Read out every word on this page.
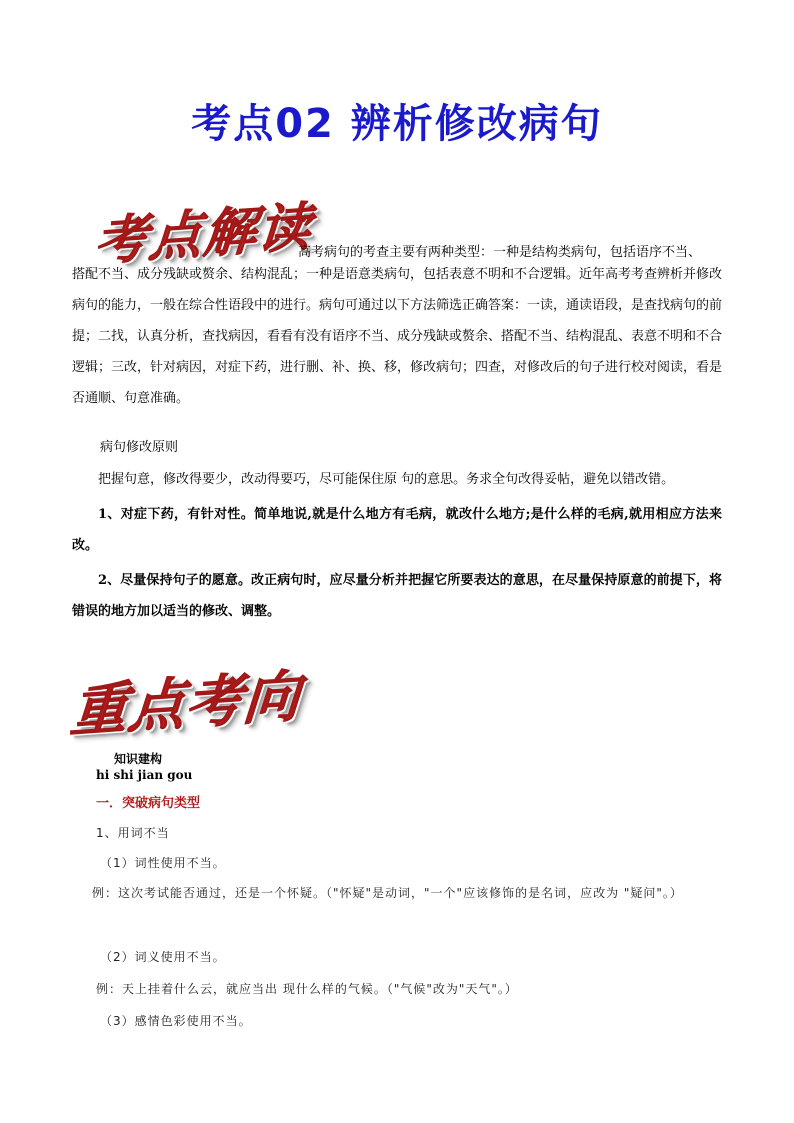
考点02 辨析修改病句
考点解读
高考病句的考查主要有两种类型：一种是结构类病句，包括语序不当、
搭配不当、成分残缺或赘余、结构混乱；一种是语意类病句，包括表意不明和不合逻辑。近年高考考查辨析并修改病句的能力，一般在综合性语段中的进行。病句可通过以下方法筛选正确答案：一读，通读语段，是查找病句的前提；二找，认真分析，查找病因，看看有没有语序不当、成分残缺或赘余、搭配不当、结构混乱、表意不明和不合逻辑；三改，针对病因，对症下药，进行删、补、换、移，修改病句；四查，对修改后的句子进行校对阅读，看是否通顺、句意准确。
病句修改原则
把握句意，修改得要少，改动得要巧，尽可能保住原 句的意思。务求全句改得妥帖，避免以错改错。
1、对症下药，有针对性。简单地说,就是什么地方有毛病，就改什么地方;是什么样的毛病,就用相应方法来改。
2、尽量保持句子的愿意。改正病句时，应尽量分析并把握它所要表达的意思，在尽量保持原意的前提下，将错误的地方加以适当的修改、调整。
重点考向
知识建构
hi shi jian gou
一．突破病句类型
1、用词不当
（1）词性使用不当。
例：这次考试能否通过，还是一个怀疑。（"怀疑"是动词，"一个"应该修饰的是名词，应改为 "疑问"。）
（2）词义使用不当。
例：天上挂着什么云，就应当出 现什么样的气候。（"气候"改为"天气"。）
（3）感情色彩使用不当。
